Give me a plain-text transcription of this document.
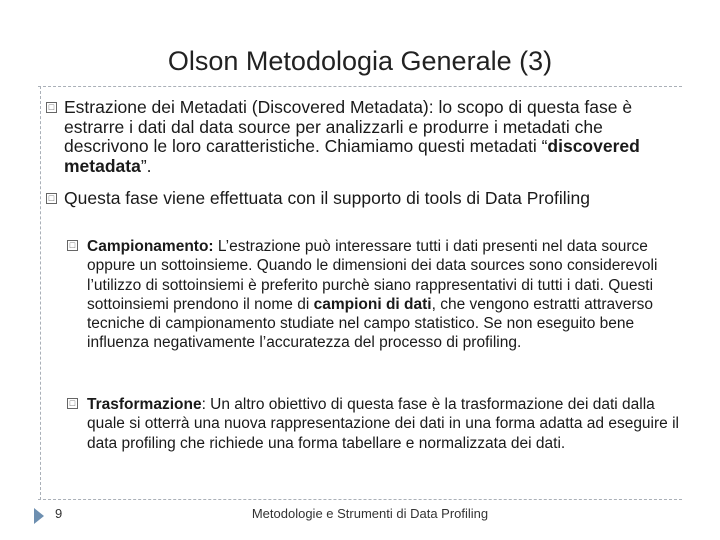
Olson Metodologia Generale (3)
□ Estrazione dei Metadati (Discovered Metadata): lo scopo di questa fase è estrarre i dati dal data source per analizzarli e produrre i metadati che descrivono le loro caratteristiche. Chiamiamo questi metadati “discovered metadata”.
□ Questa fase viene effettuata con il supporto di tools di Data Profiling
□ Campionamento: L’estrazione può interessare tutti i dati presenti nel data source oppure un sottoinsieme. Quando le dimensioni dei data sources sono considerevoli l’utilizzo di sottoinsiemi è preferito purchè siano rappresentativi di tutti i dati. Questi sottoinsiemi prendono il nome di campioni di dati, che vengono estratti attraverso tecniche di campionamento studiate nel campo statistico. Se non eseguito bene influenza negativamente l’accuratezza del processo di profiling.
□ Trasformazione: Un altro obiettivo di questa fase è la trasformazione dei dati dalla quale si otterrà una nuova rappresentazione dei dati in una forma adatta ad eseguire il data profiling che richiede una forma tabellare e normalizzata dei dati.
9	Metodologie e Strumenti di Data Profiling
